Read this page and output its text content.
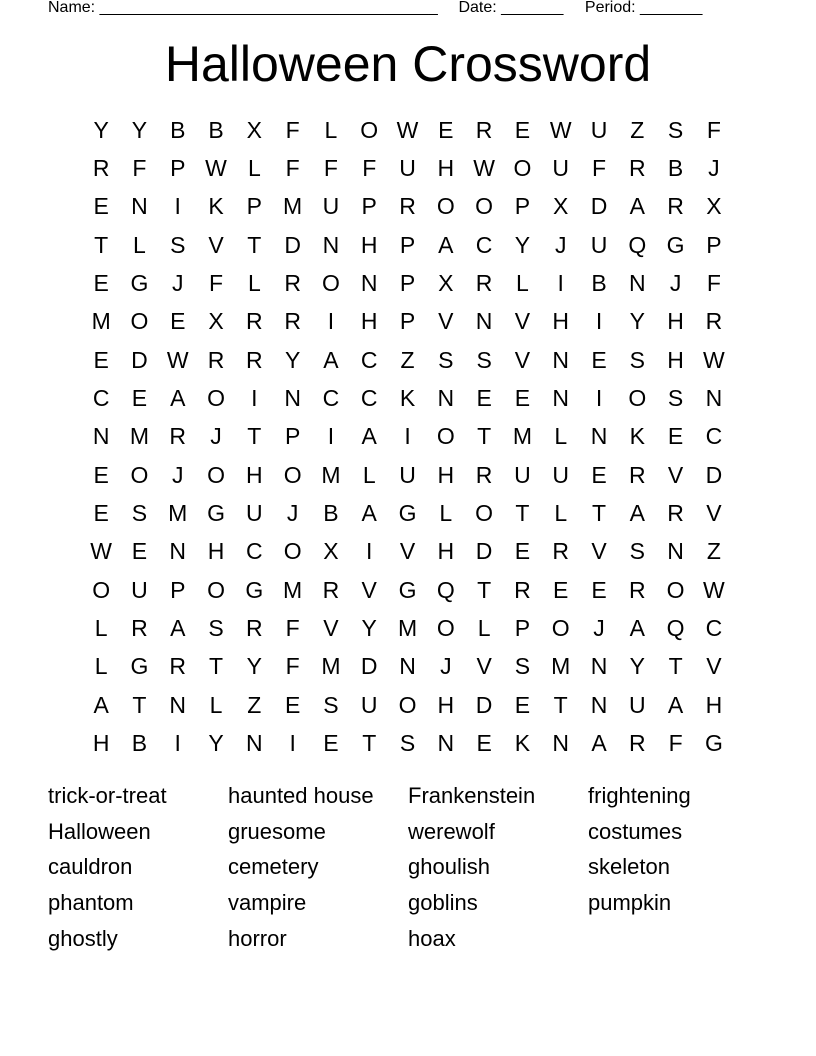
Name: ______________________________________ Date: _______ Period: _______
Halloween Crossword
Y Y B B X	F	L O W E R E W U Z	S	F
R F	P W L	F	F	F U H W O U F R B	J
E N	I	K P M U P R O O P X D A R X
T	L	S V	T D N H P A C Y	J	U Q G P
E G	J	F	L	R O N P X R	L	I	B N	J	F
M O E X R R	I	H P V N V H	I	Y H R
E D W R R Y A C Z	S S V N E S H W
C E A O	I	N C C K N E E N	I	O S N
N M R	J	T	P	I	A	I	O T M L	N K E C
E O	J	O H O M L	U H R U U E R V D
E S M G U	J	B A G L O T	L	T	A R V
W E N H C O X	I	V H D E R V S N Z
O U P O G M R V G Q T R E E R O W
L	R A S R F	V Y M O L	P O	J	A Q C
L G R T	Y	F M D N	J	V S M N Y	T	V
A	T N	L	Z	E S U O H D E	T N U A H
H B	I	Y N	I	E	T	S N E K N A R F G
trick-or-treat	haunted house	Frankenstein	frightening
Halloween	gruesome	werewolf	costumes
cauldron	cemetery	ghoulish	skeleton
phantom	vampire	goblins	pumpkin
ghostly	horror	hoax
